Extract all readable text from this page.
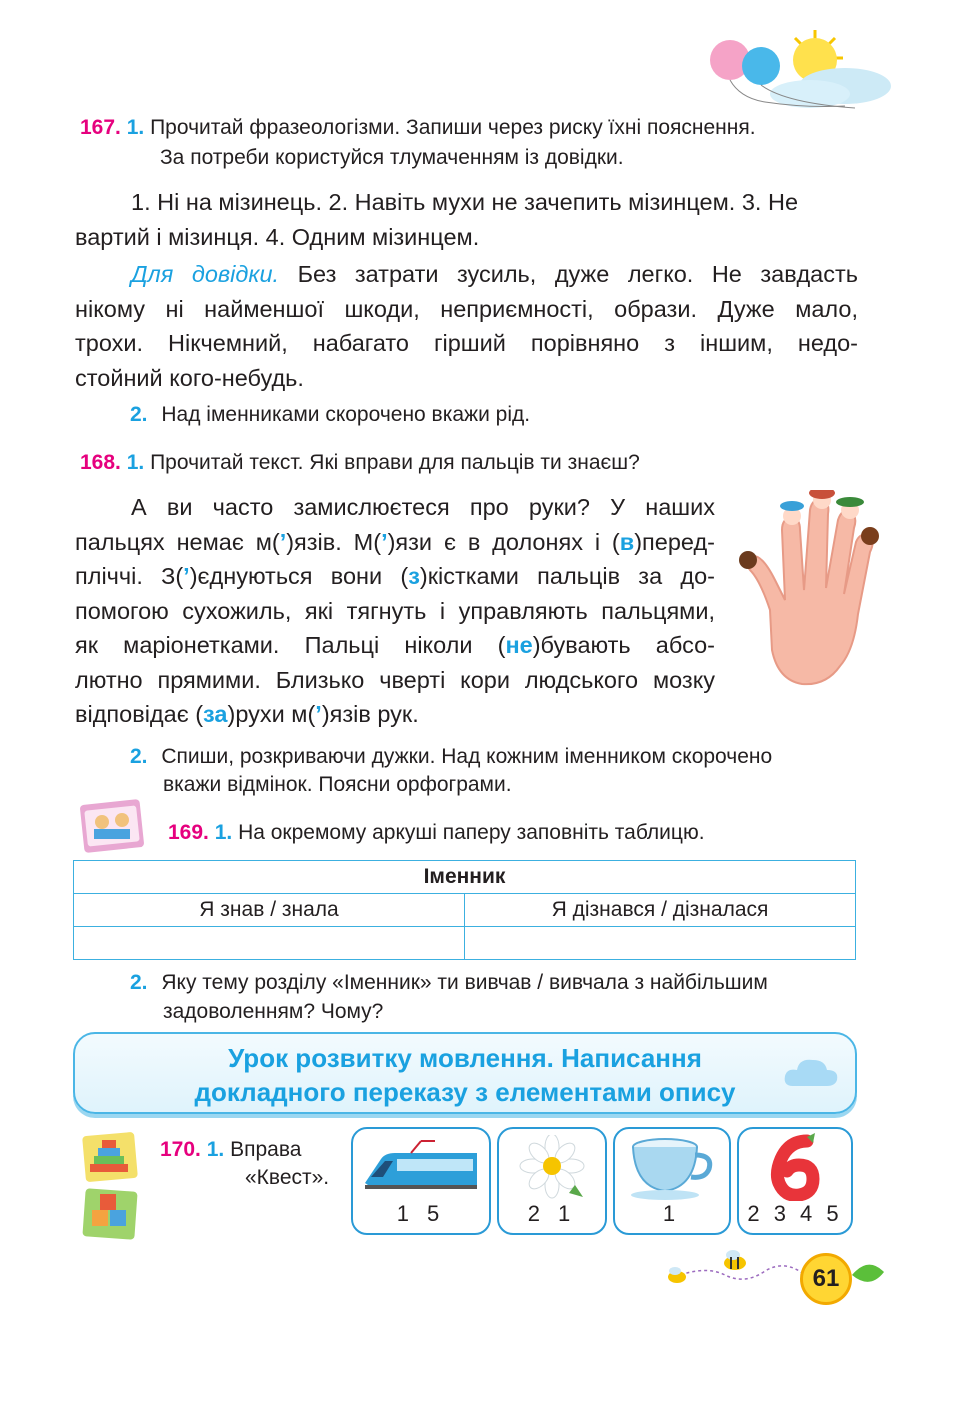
167. 1. Прочитай фразеологізми. Запиши через риску їхні пояснення.
За потреби користуйся тлумаченням із довідки.
1. Ні на мізинець. 2. Навіть мухи не зачепить мізинцем. 3. Не
вартий і мізинця. 4. Одним мізинцем.
Для довідки. Без затрати зусиль, дуже легко. Не завдасть
нікому ні найменшої шкоди, неприємності, образи. Дуже мало,
трохи. Нікчемний, набагато гірший порівняно з іншим, недо-
стойний кого-небудь.
2. Над іменниками скорочено вкажи рід.
168. 1. Прочитай текст. Які вправи для пальців ти знаєш?
А ви часто замислюєтеся про руки? У наших
пальцях немає м(’)язів. М(’)язи є в долонях і (в)перед-
пліччі. З(’)єднуються вони (з)кістками пальців за до-
помогою сухожиль, які тягнуть і управляють пальцями,
як маріонетками. Пальці ніколи (не)бувають абсо-
лютно прямими. Близько чверті кори людського мозку
відповідає (за)рухи м(’)язів рук.
2. Спиши, розкриваючи дужки. Над кожним іменником скорочено
вкажи відмінок. Поясни орфограми.
169. 1. На окремому аркуші паперу заповніть таблицю.
Іменник	
Я знав / знала	Я дізнався / дізналася

2. Яку тему розділу «Іменник» ти вивчав / вивчала з найбільшим
задоволенням? Чому?
Урок розвитку мовлення. Написання
докладного переказу з елементами опису
170. 1. Вправа
«Квест».
1 5	2 1	1	2 3 4 5
61
